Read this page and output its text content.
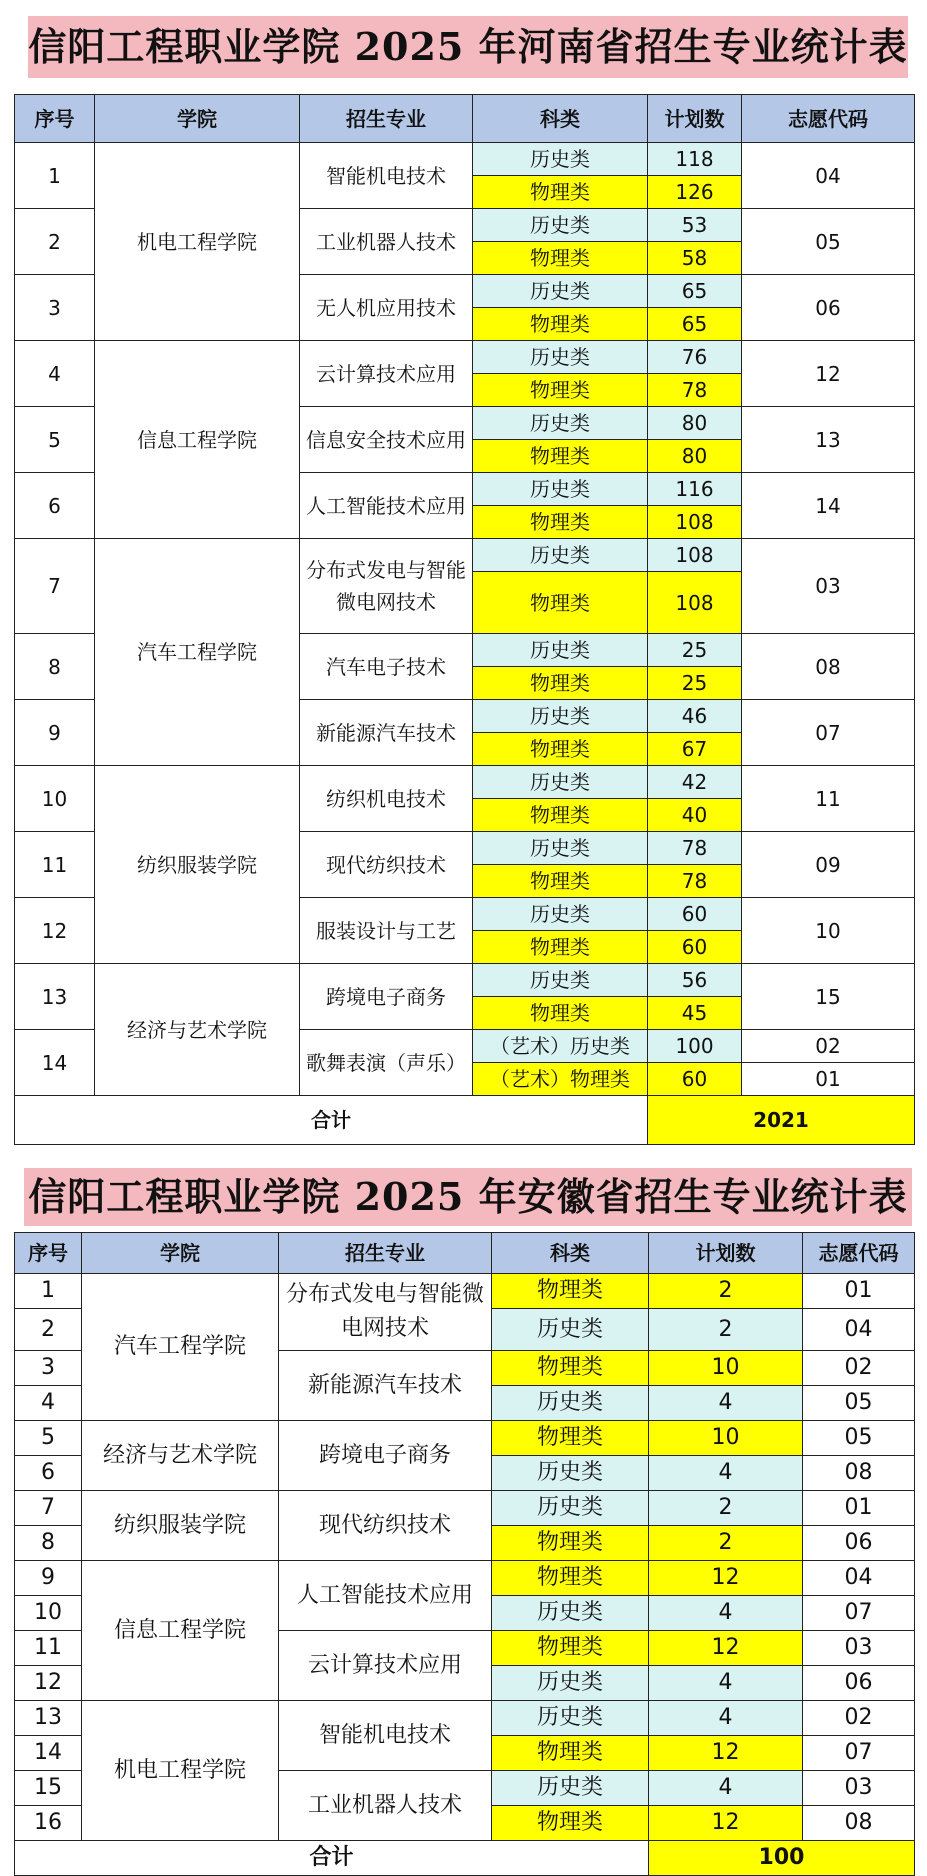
信阳工程职业学院 2025 年河南省招生专业统计表
序号	学院	招生专业	科类	计划数	志愿代码
1	机电工程学院	智能机电技术	历史类	118	04
			物理类	126	
2		工业机器人技术	历史类	53	05
			物理类	58	
3		无人机应用技术	历史类	65	06
			物理类	65	
4	信息工程学院	云计算技术应用	历史类	76	12
			物理类	78	
5		信息安全技术应用	历史类	80	13
			物理类	80	
6		人工智能技术应用	历史类	116	14
			物理类	108	
7	汽车工程学院	分布式发电与智能微电网技术	历史类	108	03
			物理类	108	
8		汽车电子技术	历史类	25	08
			物理类	25	
9		新能源汽车技术	历史类	46	07
			物理类	67	
10	纺织服装学院	纺织机电技术	历史类	42	11
			物理类	40	
11		现代纺织技术	历史类	78	09
			物理类	78	
12		服装设计与工艺	历史类	60	10
			物理类	60	
13	经济与艺术学院	跨境电子商务	历史类	56	15
			物理类	45	
14		歌舞表演（声乐）	（艺术）历史类	100	02
			（艺术）物理类	60	01
合计				2021	
信阳工程职业学院 2025 年安徽省招生专业统计表
序号	学院	招生专业	科类	计划数	志愿代码
1	汽车工程学院	分布式发电与智能微电网技术	物理类	2	01
2			历史类	2	04
3		新能源汽车技术	物理类	10	02
4			历史类	4	05
5	经济与艺术学院	跨境电子商务	物理类	10	05
6			历史类	4	08
7	纺织服装学院	现代纺织技术	历史类	2	01
8			物理类	2	06
9	信息工程学院	人工智能技术应用	物理类	12	04
10			历史类	4	07
11		云计算技术应用	物理类	12	03
12			历史类	4	06
13	机电工程学院	智能机电技术	历史类	4	02
14			物理类	12	07
15		工业机器人技术	历史类	4	03
16			物理类	12	08
合计				100	
